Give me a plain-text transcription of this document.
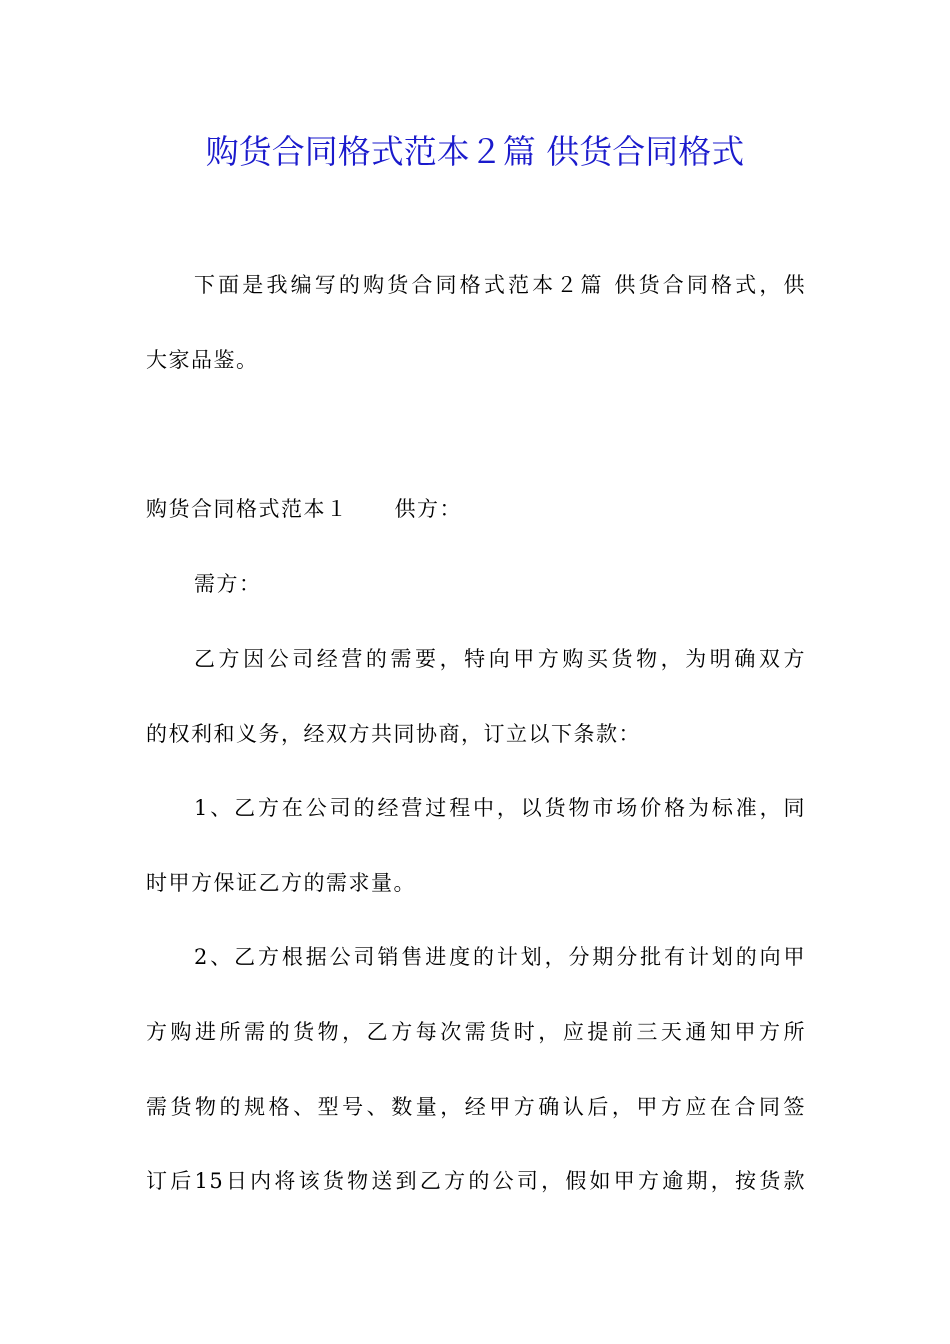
购货合同格式范本２篇 供货合同格式

下面是我编写的购货合同格式范本２篇 供货合同格式，供

大家品鉴。

购货合同格式范本１ 供方：

需方：

乙方因公司经营的需要，特向甲方购买货物，为明确双方

的权利和义务，经双方共同协商，订立以下条款：

1、乙方在公司的经营过程中，以货物市场价格为标准，同

时甲方保证乙方的需求量。

2、乙方根据公司销售进度的计划，分期分批有计划的向甲

方购进所需的货物，乙方每次需货时，应提前三天通知甲方所

需货物的规格、型号、数量，经甲方确认后，甲方应在合同签

订后15日内将该货物送到乙方的公司，假如甲方逾期，按货款
